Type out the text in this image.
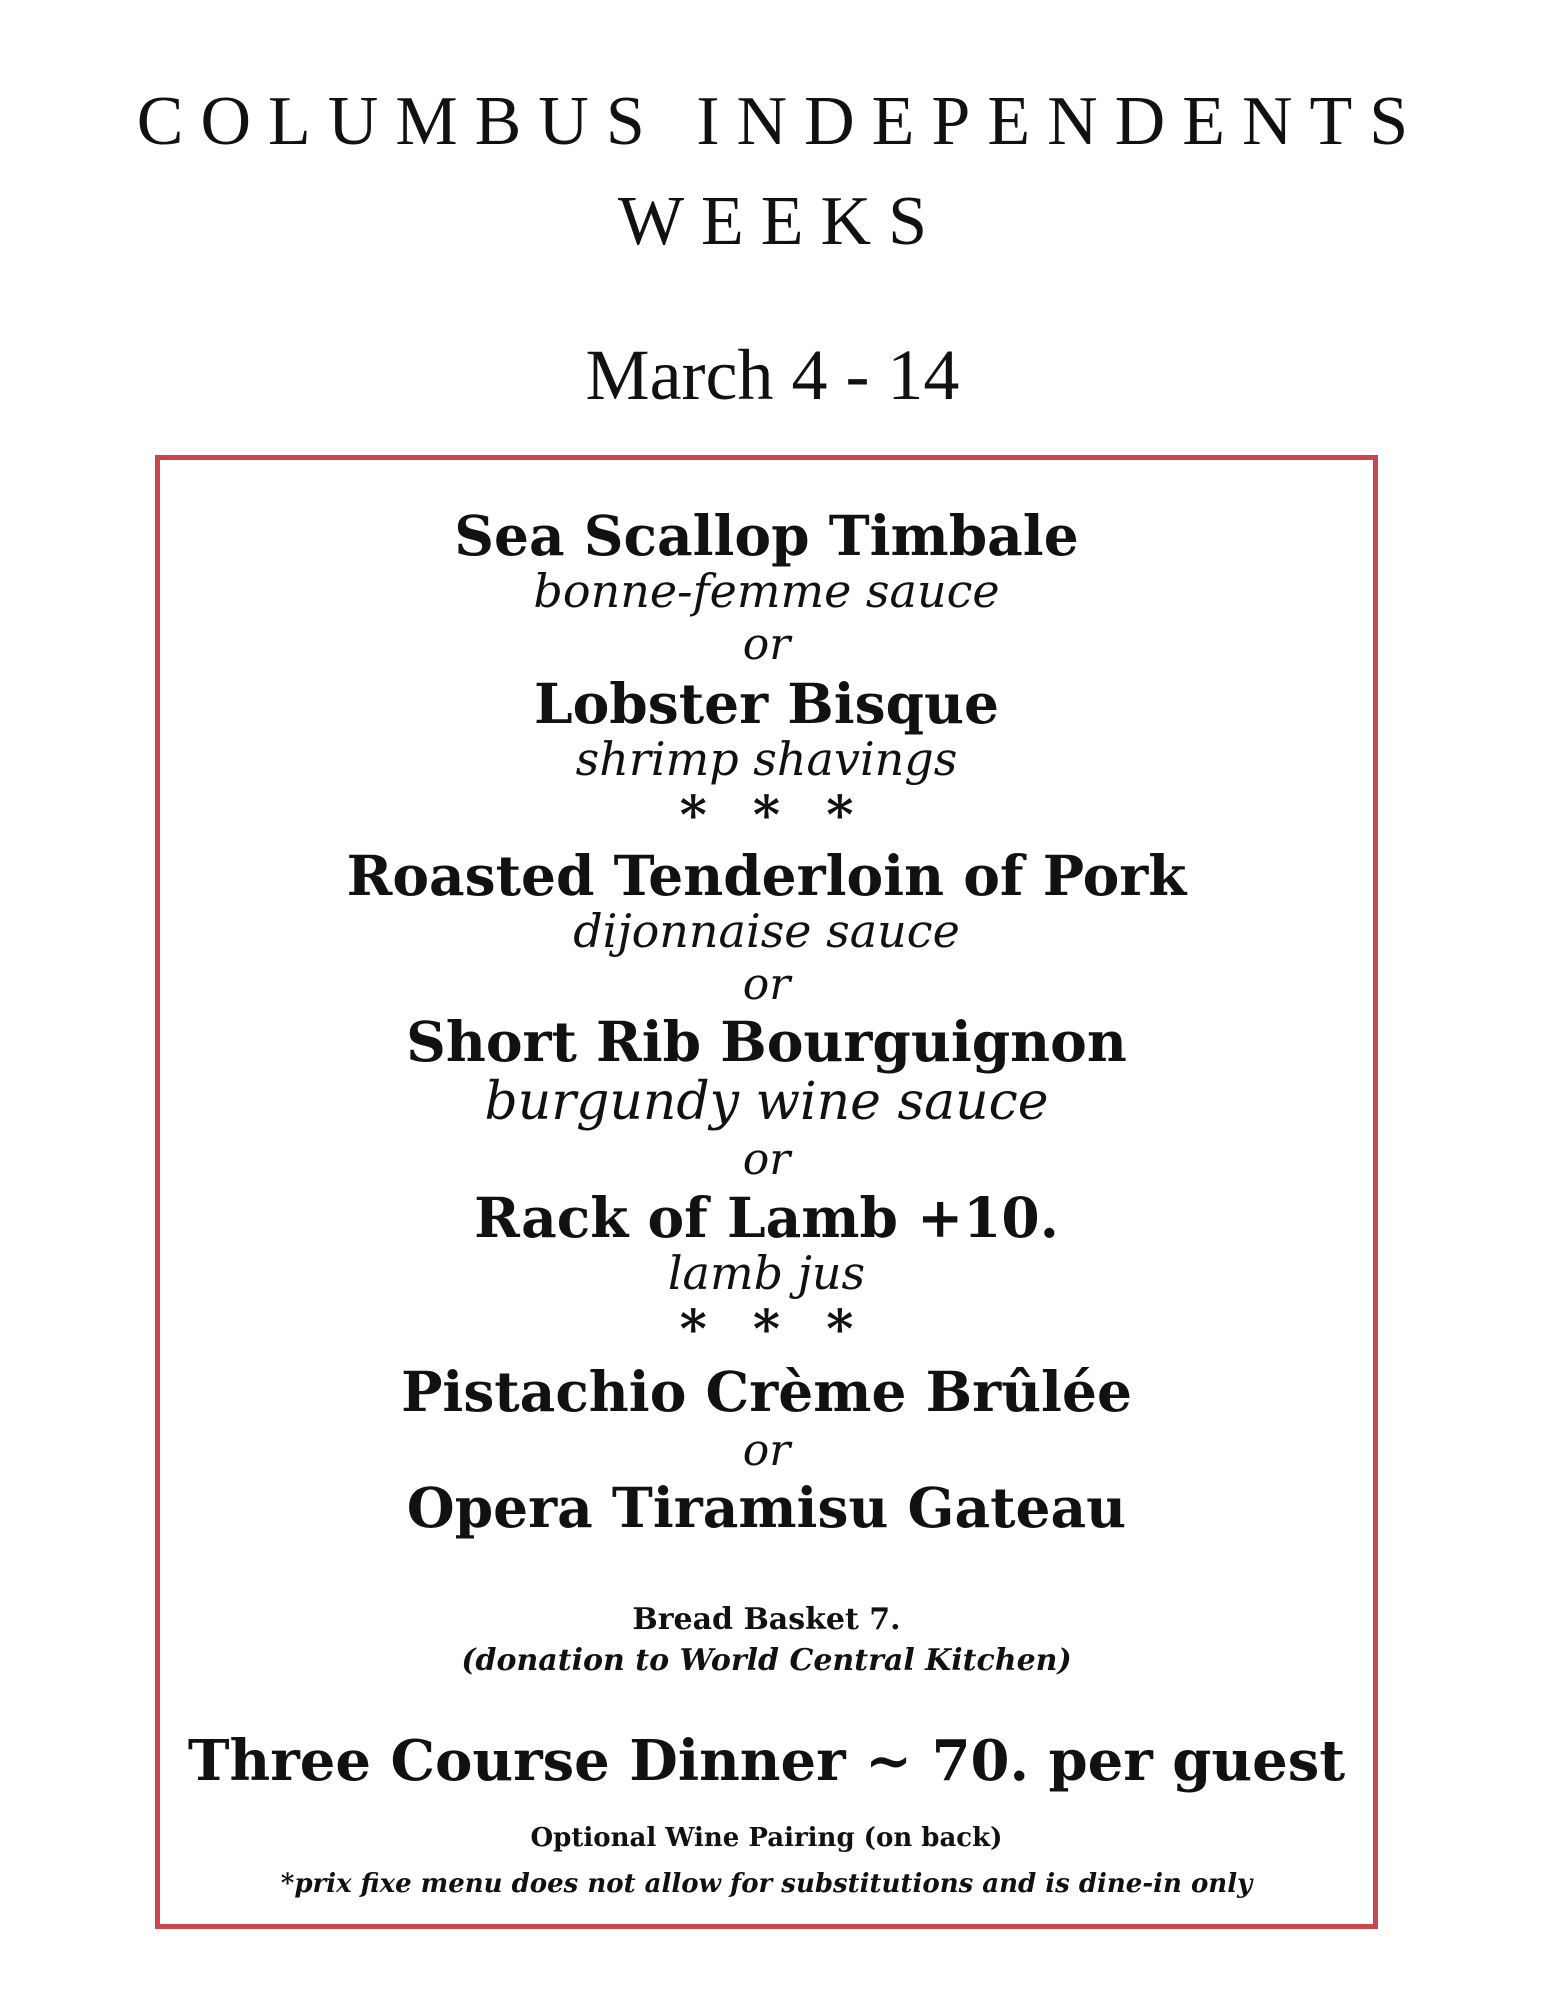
COLUMBUS INDEPENDENTS
WEEKS
March 4 - 14
Sea Scallop Timbale
bonne-femme sauce
or
Lobster Bisque
shrimp shavings
* * *
Roasted Tenderloin of Pork
dijonnaise sauce
or
Short Rib Bourguignon
burgundy wine sauce
or
Rack of Lamb +10.
lamb jus
* * *
Pistachio Crème Brûlée
or
Opera Tiramisu Gateau
Bread Basket 7.
(donation to World Central Kitchen)
Three Course Dinner ~ 70. per guest
Optional Wine Pairing (on back)
*prix fixe menu does not allow for substitutions and is dine-in only
